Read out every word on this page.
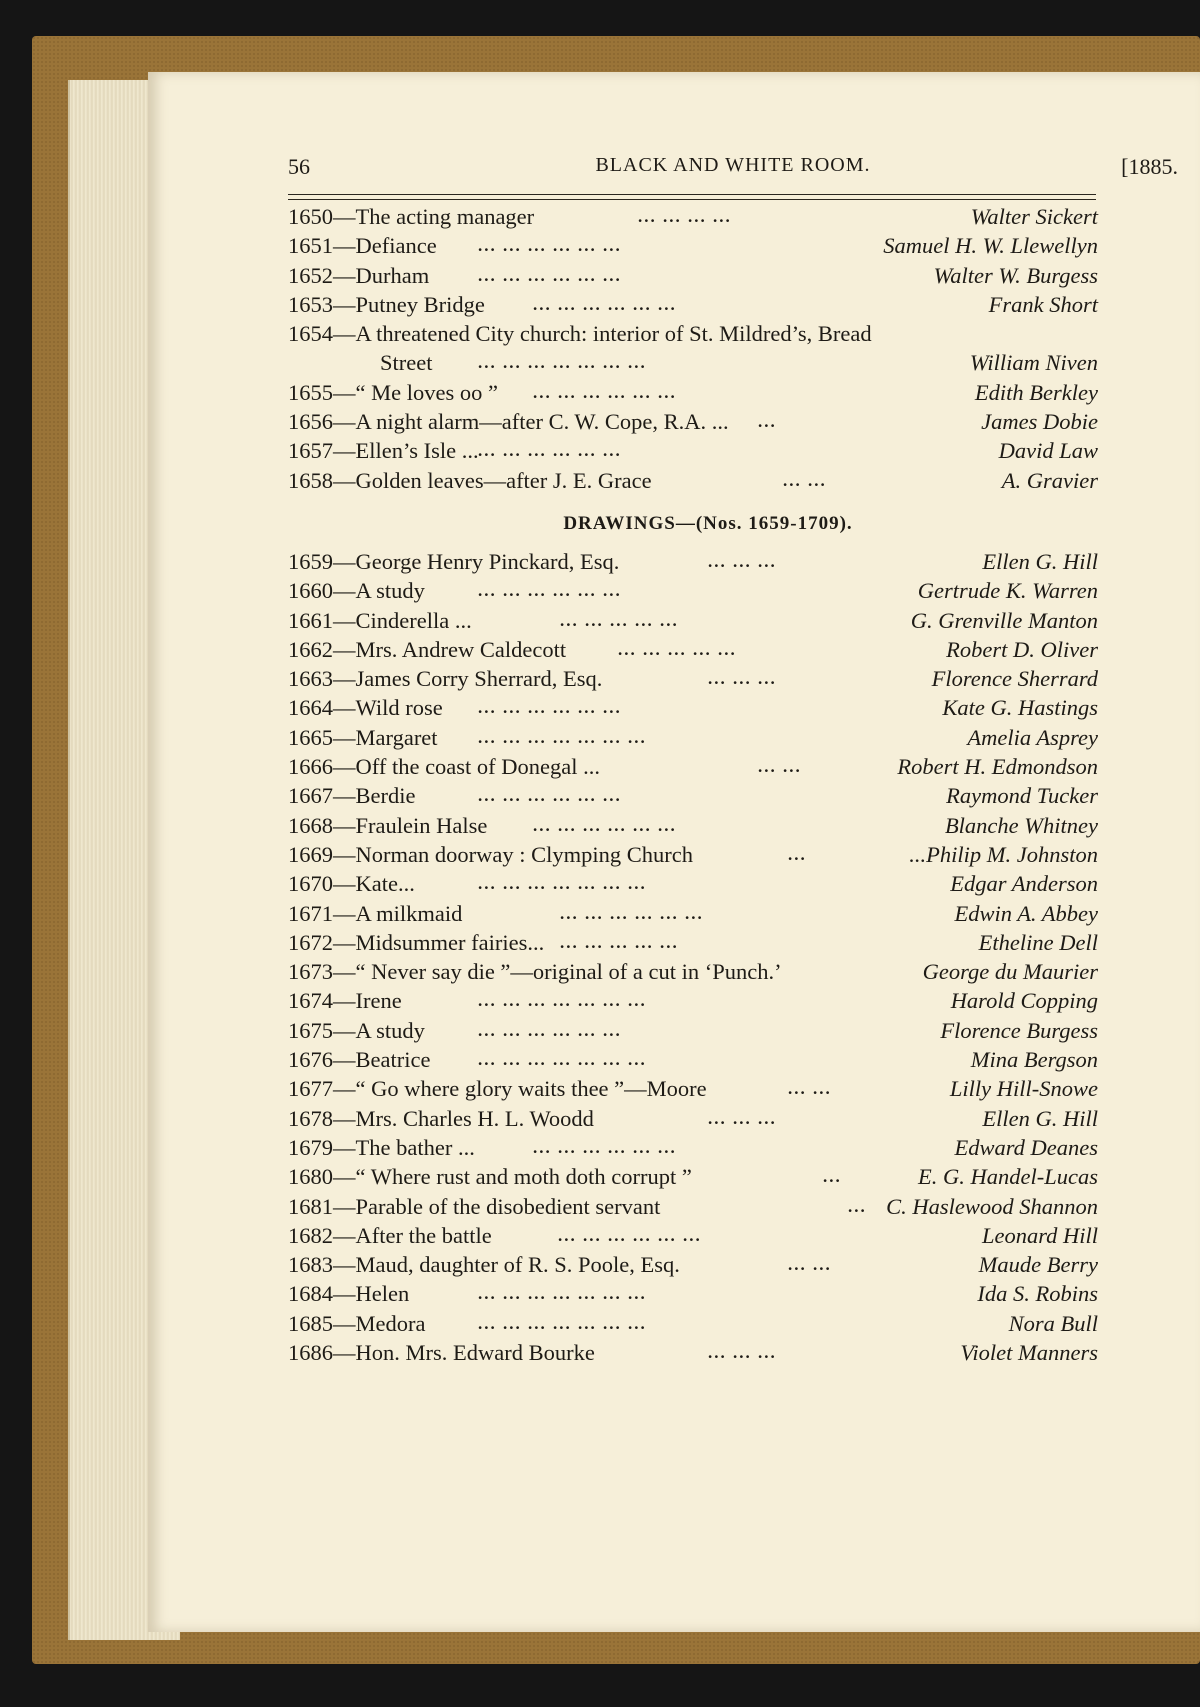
56	BLACK AND WHITE ROOM.	[1885.
1650—The acting manager	... ... ... ...	Walter Sickert
1651—Defiance ... ... ... ... ... ...	Samuel H. W. Llewellyn
1652—Durham	... ... ... ... ... ...	Walter W. Burgess
1653—Putney Bridge	... ... ... ... ... ...	Frank Short
1654—A threatened City church: interior of St. Mildred’s, Bread
Street	... ... ... ... ... ... ...	William Niven
1655—“ Me loves oo ” ... ... ... ... ... ...	Edith Berkley
1656—A night alarm—after C. W. Cope, R.A. ... ...	James Dobie
1657—Ellen’s Isle ... ... ... ... ... ... ...	David Law
1658—Golden leaves—after J. E. Grace	... ...	A. Gravier
DRAWINGS—(Nos. 1659-1709).
1659—George Henry Pinckard, Esq.	... ... ...	Ellen G. Hill
1660—A study	... ... ... ... ... ...	Gertrude K. Warren
1661—Cinderella ...	... ... ... ... ...	G. Grenville Manton
1662—Mrs. Andrew Caldecott	... ... ... ... ...	Robert D. Oliver
1663—James Corry Sherrard, Esq.	... ... ...	Florence Sherrard
1664—Wild rose ... ... ... ... ... ...	Kate G. Hastings
1665—Margaret ... ... ... ... ... ... ...	Amelia Asprey
1666—Off the coast of Donegal ...	... ...	Robert H. Edmondson
1667—Berdie	... ... ... ... ... ...	Raymond Tucker
1668—Fraulein Halse	... ... ... ... ... ...	Blanche Whitney
1669—Norman doorway : Clymping Church	...	...Philip M. Johnston
1670—Kate...	... ... ... ... ... ... ...	Edgar Anderson
1671—A milkmaid	... ... ... ... ... ...	Edwin A. Abbey
1672—Midsummer fairies... ... ... ... ... ...	Etheline Dell
1673—“ Never say die ”—original of a cut in ‘Punch.’	George du Maurier
1674—Irene	... ... ... ... ... ... ...	Harold Copping
1675—A study	... ... ... ... ... ...	Florence Burgess
1676—Beatrice	... ... ... ... ... ... ...	Mina Bergson
1677—“ Go where glory waits thee ”—Moore	... ...	Lilly Hill-Snowe
1678—Mrs. Charles H. L. Woodd	... ... ...	Ellen G. Hill
1679—The bather ...	... ... ... ... ... ...	Edward Deanes
1680—“ Where rust and moth doth corrupt ”	...	E. G. Handel-Lucas
1681—Parable of the disobedient servant	... C. Haslewood Shannon
1682—After the battle	... ... ... ... ... ...	Leonard Hill
1683—Maud, daughter of R. S. Poole, Esq.	... ...	Maude Berry
1684—Helen	... ... ... ... ... ... ...	Ida S. Robins
1685—Medora	... ... ... ... ... ... ...	Nora Bull
1686—Hon. Mrs. Edward Bourke	... ... ...	Violet Manners
